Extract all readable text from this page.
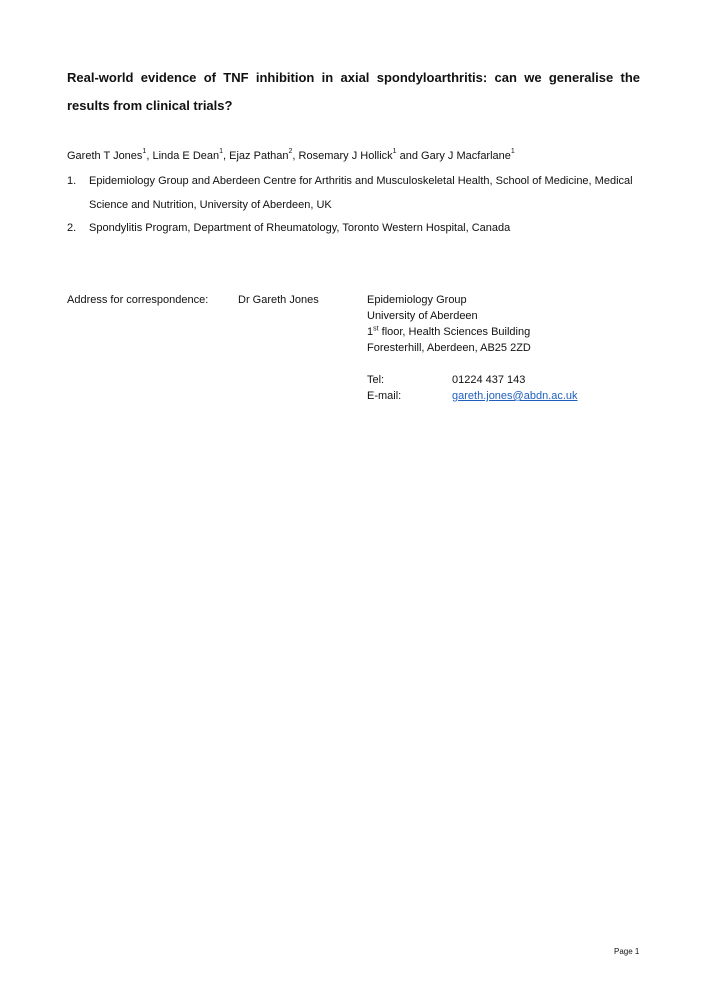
Real-world evidence of TNF inhibition in axial spondyloarthritis: can we generalise the results from clinical trials?

Gareth T Jones$^1$, Linda E Dean$^1$, Ejaz Pathan$^2$, Rosemary J Hollick$^1$ and Gary J Macfarlane$^1$

1. Epidemiology Group and Aberdeen Centre for Arthritis and Musculoskeletal Health, School of Medicine, Medical Science and Nutrition, University of Aberdeen, UK
2. Spondylitis Program, Department of Rheumatology, Toronto Western Hospital, Canada
Address for correspondence:	Dr Gareth Jones	Epidemiology Group
University of Aberdeen
1st floor, Health Sciences Building
Foresterhill, Aberdeen, AB25 2ZD
Tel:	01224 437 143
E-mail:	gareth.jones@abdn.ac.uk
Page 1
